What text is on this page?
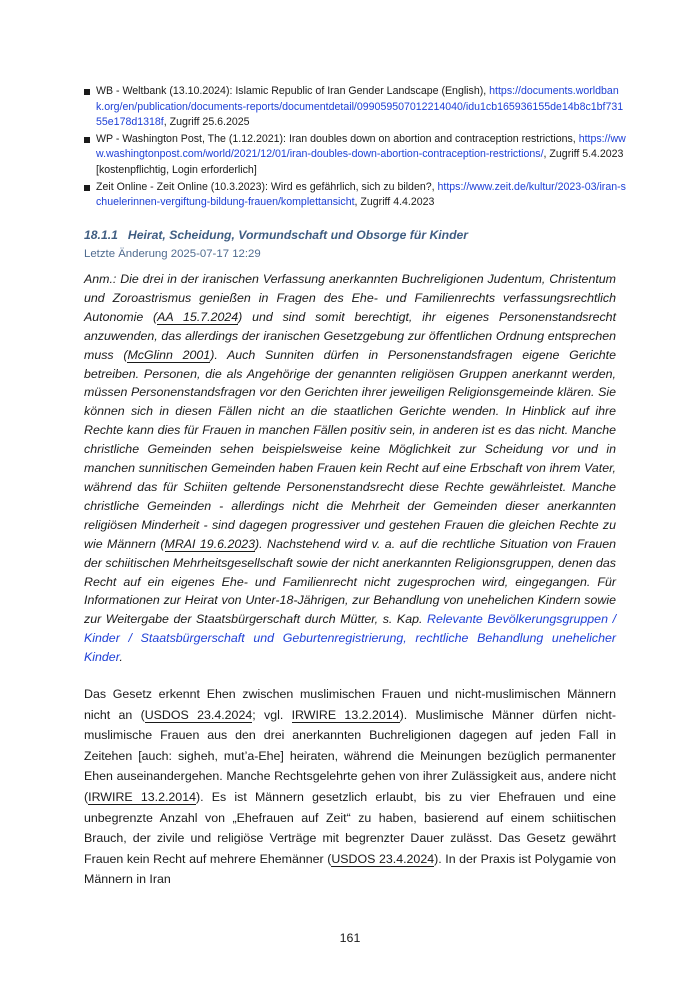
WB - Weltbank (13.10.2024): Islamic Republic of Iran Gender Landscape (English), https://documents.worldbank.org/en/publication/documents-reports/documentdetail/099059507012214040/idu1cb165936155de14b8c1bf73155e178d1318f, Zugriff 25.6.2025
WP - Washington Post, The (1.12.2021): Iran doubles down on abortion and contraception restrictions, https://www.washingtonpost.com/world/2021/12/01/iran-doubles-down-abortion-contraception-restrictions/, Zugriff 5.4.2023 [kostenpflichtig, Login erforderlich]
Zeit Online - Zeit Online (10.3.2023): Wird es gefährlich, sich zu bilden?, https://www.zeit.de/kultur/2023-03/iran-schuelerinnen-vergiftung-bildung-frauen/komplettansicht, Zugriff 4.4.2023
18.1.1 Heirat, Scheidung, Vormundschaft und Obsorge für Kinder
Letzte Änderung 2025-07-17 12:29

Anm.: Die drei in der iranischen Verfassung anerkannten Buchreligionen Judentum, Christentum und Zoroastrismus genießen in Fragen des Ehe- und Familienrechts verfassungsrechtlich Autonomie (AA 15.7.2024) und sind somit berechtigt, ihr eigenes Personenstandsrecht anzuwenden, das allerdings der iranischen Gesetzgebung zur öffentlichen Ordnung entsprechen muss (McGlinn 2001). Auch Sunniten dürfen in Personenstandsfragen eigene Gerichte betreiben. Personen, die als Angehörige der genannten religiösen Gruppen anerkannt werden, müssen Personenstandsfragen vor den Gerichten ihrer jeweiligen Religionsgemeinde klären. Sie können sich in diesen Fällen nicht an die staatlichen Gerichte wenden. In Hinblick auf ihre Rechte kann dies für Frauen in manchen Fällen positiv sein, in anderen ist es das nicht. Manche christliche Gemeinden sehen beispielsweise keine Möglichkeit zur Scheidung vor und in manchen sunnitischen Gemeinden haben Frauen kein Recht auf eine Erbschaft von ihrem Vater, während das für Schiiten geltende Personenstandsrecht diese Rechte gewährleistet. Manche christliche Gemeinden - allerdings nicht die Mehrheit der Gemeinden dieser anerkannten religiösen Minderheit - sind dagegen progressiver und gestehen Frauen die gleichen Rechte zu wie Männern (MRAI 19.6.2023). Nachstehend wird v. a. auf die rechtliche Situation von Frauen der schiitischen Mehrheitsgesellschaft sowie der nicht anerkannten Religionsgruppen, denen das Recht auf ein eigenes Ehe- und Familienrecht nicht zugesprochen wird, eingegangen. Für Informationen zur Heirat von Unter-18-Jährigen, zur Behandlung von unehelichen Kindern sowie zur Weitergabe der Staatsbürgerschaft durch Mütter, s. Kap. Relevante Bevölkerungsgruppen / Kinder / Staatsbürgerschaft und Geburtenregistrierung, rechtliche Behandlung unehelicher Kinder.

Das Gesetz erkennt Ehen zwischen muslimischen Frauen und nicht-muslimischen Männern nicht an (USDOS 23.4.2024; vgl. IRWIRE 13.2.2014). Muslimische Männer dürfen nicht-muslimische Frauen aus den drei anerkannten Buchreligionen dagegen auf jeden Fall in Zeitehen [auch: sigheh, mut’a-Ehe] heiraten, während die Meinungen bezüglich permanenter Ehen auseinandergehen. Manche Rechtsgelehrte gehen von ihrer Zulässigkeit aus, andere nicht (IRWIRE 13.2.2014). Es ist Männern gesetzlich erlaubt, bis zu vier Ehefrauen und eine unbegrenzte Anzahl von „Ehefrauen auf Zeit“ zu haben, basierend auf einem schiitischen Brauch, der zivile und religiöse Verträge mit begrenzter Dauer zulässt. Das Gesetz gewährt Frauen kein Recht auf mehrere Ehemänner (USDOS 23.4.2024). In der Praxis ist Polygamie von Männern in Iran

161
